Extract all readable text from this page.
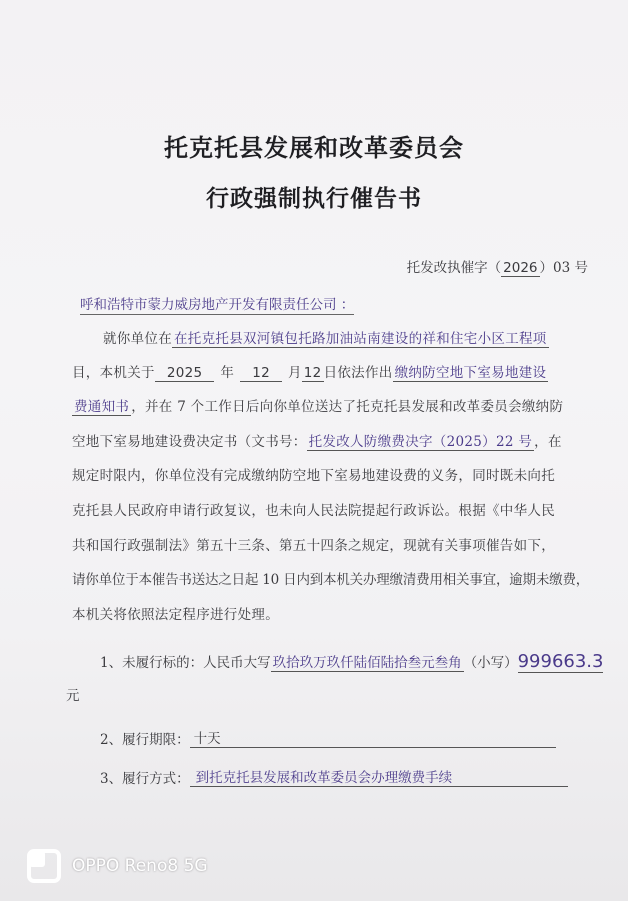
托克托县发展和改革委员会
行政强制执行催告书
托发改执催字（ 2026 ）03 号
呼和浩特市蒙力威房地产开发有限责任公司 ：
就你单位在 在托克托县双河镇包托路加油站南建设的祥和住宅小区工程项
目，本机关于 2025 年 12 月 12 日依法作出 缴纳防空地下室易地建设
费通知书 ，并在 7 个工作日后向你单位送达了托克托县发展和改革委员会缴纳防
空地下室易地建设费决定书（文书号： 托发改人防缴费决字（2025）22 号 ，在
规定时限内，你单位没有完成缴纳防空地下室易地建设费的义务，同时既未向托
克托县人民政府申请行政复议，也未向人民法院提起行政诉讼。根据《中华人民
共和国行政强制法》第五十三条、第五十四条之规定，现就有关事项催告如下，
请你单位于本催告书送达之日起 10 日内到本机关办理缴清费用相关事宜，逾期未缴费，
本机关将依照法定程序进行处理。
1、未履行标的：人民币大写 玖拾玖万玖仟陆佰陆拾叁元叁角 （小写）999663.3
元
2、履行期限： 十天
3、履行方式： 到托克托县发展和改革委员会办理缴费手续
OPPO Reno8 5G
